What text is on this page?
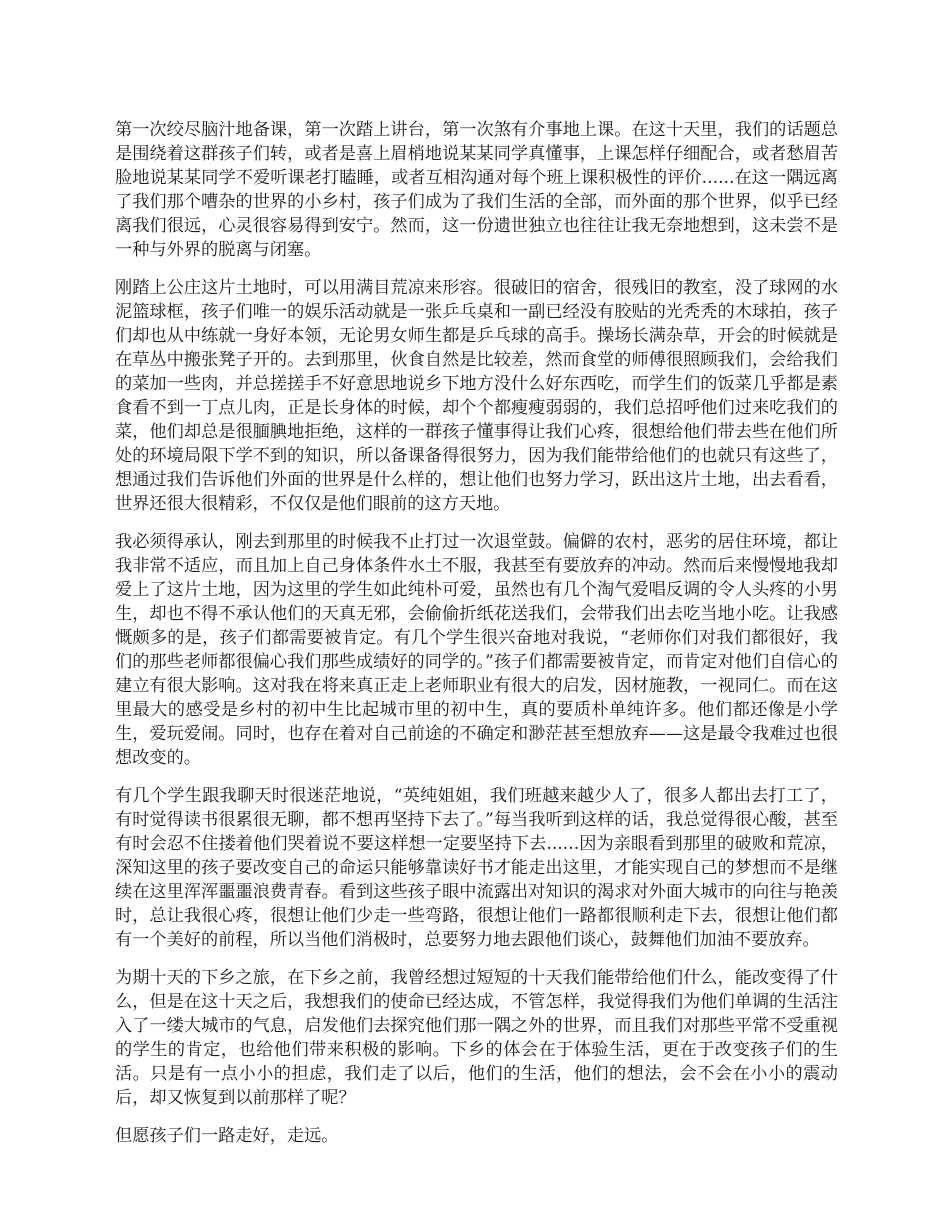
第一次绞尽脑汁地备课，第一次踏上讲台，第一次煞有介事地上课。在这十天里，我们的话题总是围绕着这群孩子们转，或者是喜上眉梢地说某某同学真懂事，上课怎样仔细配合，或者愁眉苦脸地说某某同学不爱听课老打瞌睡，或者互相沟通对每个班上课积极性的评价......在这一隅远离了我们那个嘈杂的世界的小乡村，孩子们成为了我们生活的全部，而外面的那个世界，似乎已经离我们很远，心灵很容易得到安宁。然而，这一份遗世独立也往往让我无奈地想到，这未尝不是一种与外界的脱离与闭塞。

刚踏上公庄这片土地时，可以用满目荒凉来形容。很破旧的宿舍，很残旧的教室，没了球网的水泥篮球框，孩子们唯一的娱乐活动就是一张乒乓桌和一副已经没有胶贴的光秃秃的木球拍，孩子们却也从中练就一身好本领，无论男女师生都是乒乓球的高手。操场长满杂草，开会的时候就是在草丛中搬张凳子开的。去到那里，伙食自然是比较差，然而食堂的师傅很照顾我们，会给我们的菜加一些肉，并总搓搓手不好意思地说乡下地方没什么好东西吃，而学生们的饭菜几乎都是素食看不到一丁点儿肉，正是长身体的时候，却个个都瘦瘦弱弱的，我们总招呼他们过来吃我们的菜，他们却总是很腼腆地拒绝，这样的一群孩子懂事得让我们心疼，很想给他们带去些在他们所处的环境局限下学不到的知识，所以备课备得很努力，因为我们能带给他们的也就只有这些了，想通过我们告诉他们外面的世界是什么样的，想让他们也努力学习，跃出这片土地，出去看看，世界还很大很精彩，不仅仅是他们眼前的这方天地。

我必须得承认，刚去到那里的时候我不止打过一次退堂鼓。偏僻的农村，恶劣的居住环境，都让我非常不适应，而且加上自己身体条件水土不服，我甚至有要放弃的冲动。然而后来慢慢地我却爱上了这片土地，因为这里的学生如此纯朴可爱，虽然也有几个淘气爱唱反调的令人头疼的小男生，却也不得不承认他们的天真无邪，会偷偷折纸花送我们，会带我们出去吃当地小吃。让我感慨颇多的是，孩子们都需要被肯定。有几个学生很兴奋地对我说，“老师你们对我们都很好，我们的那些老师都很偏心我们那些成绩好的同学的。”孩子们都需要被肯定，而肯定对他们自信心的建立有很大影响。这对我在将来真正走上老师职业有很大的启发，因材施教，一视同仁。而在这里最大的感受是乡村的初中生比起城市里的初中生，真的要质朴单纯许多。他们都还像是小学生，爱玩爱闹。同时，也存在着对自己前途的不确定和渺茫甚至想放弃——这是最令我难过也很想改变的。

有几个学生跟我聊天时很迷茫地说，“英纯姐姐，我们班越来越少人了，很多人都出去打工了，有时觉得读书很累很无聊，都不想再坚持下去了。”每当我听到这样的话，我总觉得很心酸，甚至有时会忍不住搂着他们哭着说不要这样想一定要坚持下去......因为亲眼看到那里的破败和荒凉，深知这里的孩子要改变自己的命运只能够靠读好书才能走出这里，才能实现自己的梦想而不是继续在这里浑浑噩噩浪费青春。看到这些孩子眼中流露出对知识的渴求对外面大城市的向往与艳羡时，总让我很心疼，很想让他们少走一些弯路，很想让他们一路都很顺利走下去，很想让他们都有一个美好的前程，所以当他们消极时，总要努力地去跟他们谈心，鼓舞他们加油不要放弃。

为期十天的下乡之旅，在下乡之前，我曾经想过短短的十天我们能带给他们什么，能改变得了什么，但是在这十天之后，我想我们的使命已经达成，不管怎样，我觉得我们为他们单调的生活注入了一缕大城市的气息，启发他们去探究他们那一隅之外的世界，而且我们对那些平常不受重视的学生的肯定，也给他们带来积极的影响。下乡的体会在于体验生活，更在于改变孩子们的生活。只是有一点小小的担虑，我们走了以后，他们的生活，他们的想法，会不会在小小的震动后，却又恢复到以前那样了呢？

但愿孩子们一路走好，走远。
